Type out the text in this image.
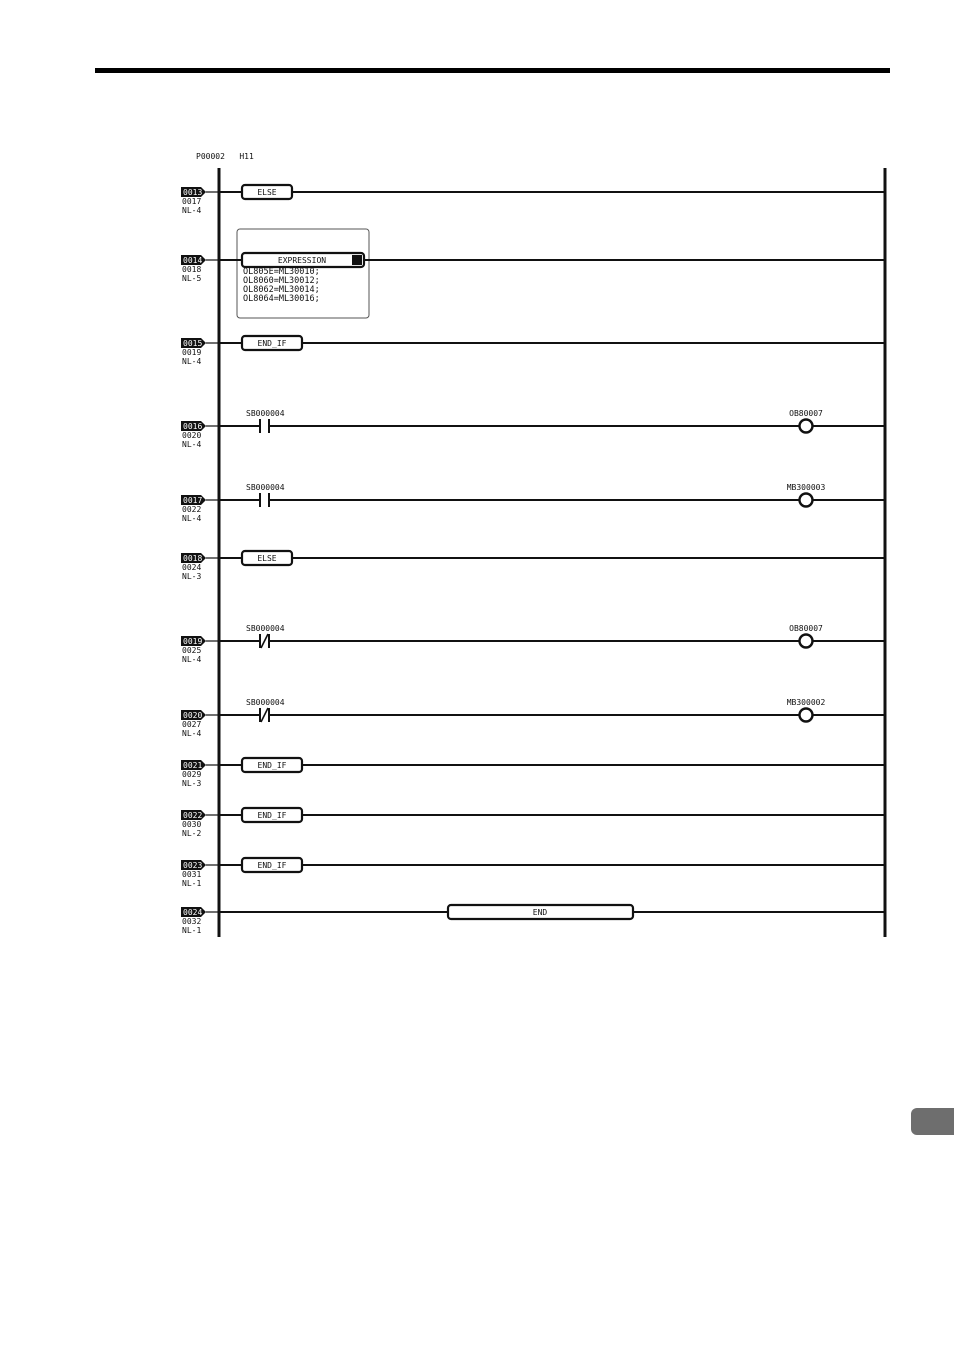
P00002 H11
0013
0017
NL-4
ELSE
0014
0018
NL-5
EXPRESSION
0015
0019
NL-4
END_IF
0016
0020
NL-4
SB000004	OB80007
0017
0022
NL-4
SB000004	MB300003
0018
0024
NL-3
ELSE
0019
0025
NL-4
SB000004	OB80007
0020
0027
NL-4
SB000004	MB300002
0021
0029
NL-3
END_IF
0022
0030
NL-2
END_IF
0023
0031
NL-1
END_IF
0024
0032
NL-1
END
OL805E=ML30010;
OL8060=ML30012;
OL8062=ML30014;
OL8064=ML30016;
